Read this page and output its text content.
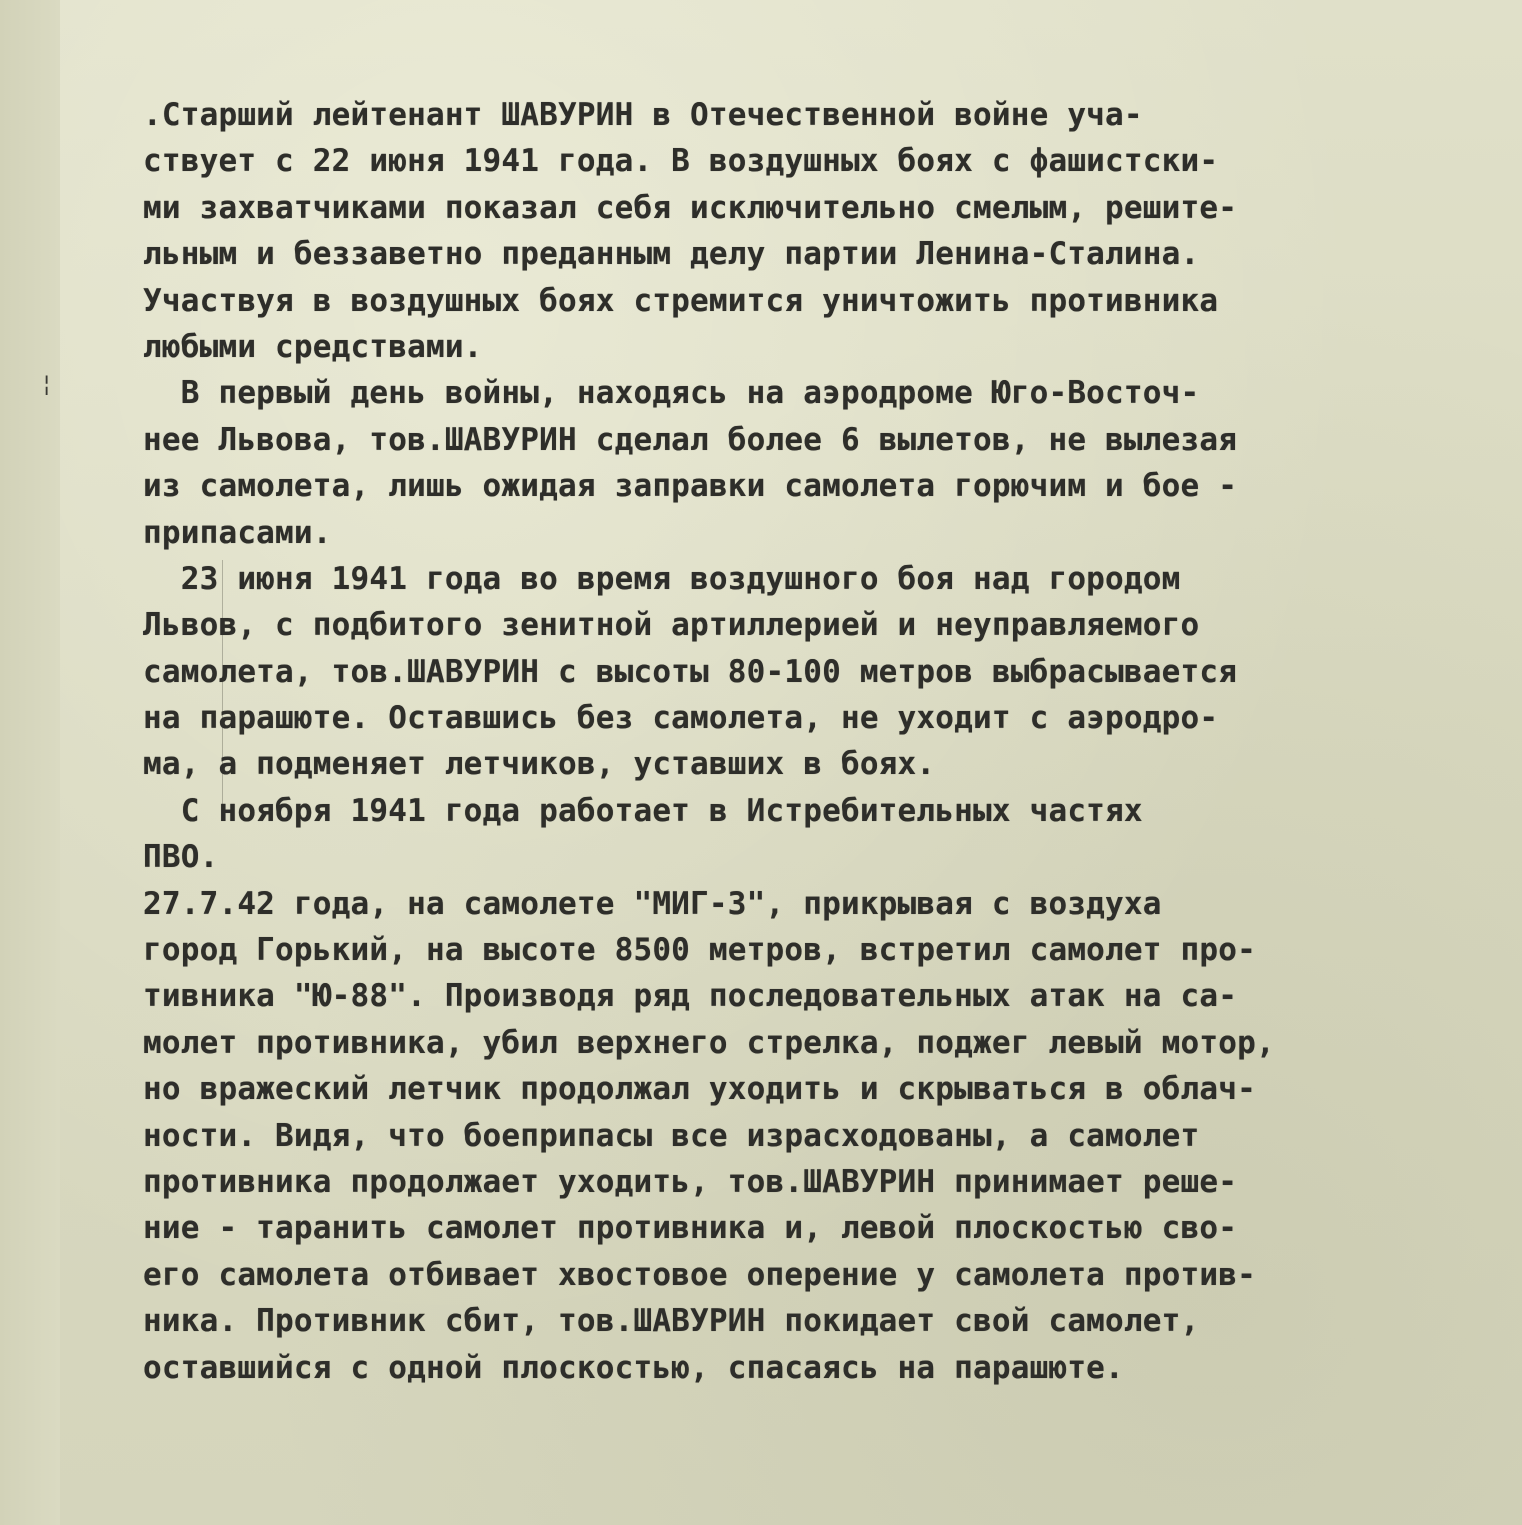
¦
.Старший лейтенант ШАВУРИН в Отечественной войне уча-
ствует с 22 июня 1941 года. В воздушных боях с фашистски-
ми захватчиками показал себя исключительно смелым, решите-
льным и беззаветно преданным делу партии Ленина-Сталина.
Участвуя в воздушных боях стремится уничтожить противника
любыми средствами.
В первый день войны, находясь на аэродроме Юго-Восточ-
нее Львова, тов.ШАВУРИН сделал более 6 вылетов, не вылезая
из самолета, лишь ожидая заправки самолета горючим и бое -
припасами.
23 июня 1941 года во время воздушного боя над городом
Львов, с подбитого зенитной артиллерией и неуправляемого
самолета, тов.ШАВУРИН с высоты 80-100 метров выбрасывается
на парашюте. Оставшись без самолета, не уходит с аэродро-
ма, а подменяет летчиков, уставших в боях.
С ноября 1941 года работает в Истребительных частях
ПВО.
27.7.42 года, на самолете "МИГ-3", прикрывая с воздуха
город Горький, на высоте 8500 метров, встретил самолет про-
тивника "Ю-88". Производя ряд последовательных атак на са-
молет противника, убил верхнего стрелка, поджег левый мотор,
но вражеский летчик продолжал уходить и скрываться в облач-
ности. Видя, что боеприпасы все израсходованы, а самолет
противника продолжает уходить, тов.ШАВУРИН принимает реше-
ние - таранить самолет противника и, левой плоскостью сво-
его самолета отбивает хвостовое оперение у самолета против-
ника. Противник сбит, тов.ШАВУРИН покидает свой самолет,
оставшийся с одной плоскостью, спасаясь на парашюте.
